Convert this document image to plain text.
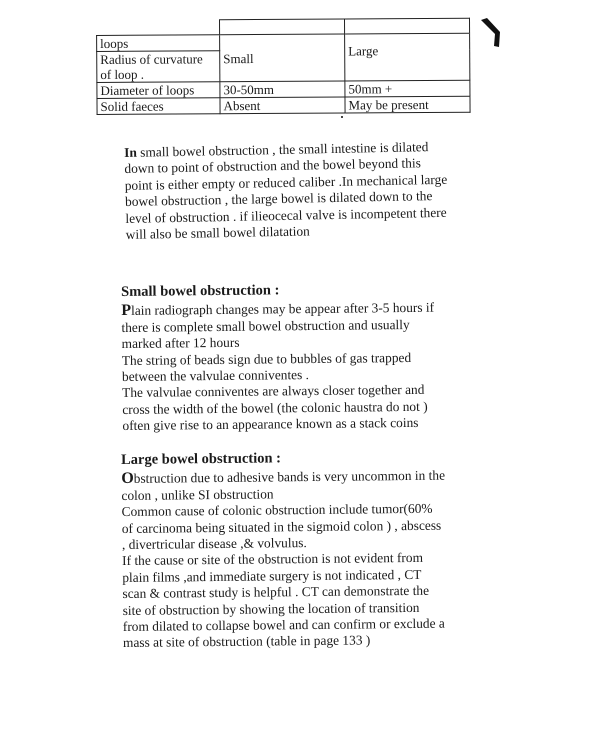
loops	Small	Large

Radius of curvature
of loop .		

Diameter of loops	30-50mm	50mm +
Solid faeces	Absent	May be present
In small bowel obstruction , the small intestine is dilated
down to point of obstruction and the bowel beyond this
point is either empty or reduced caliber .In mechanical large
bowel obstruction , the large bowel is dilated down to the
level of obstruction . if ilieocecal valve is incompetent there
will also be small bowel dilatation
Small bowel obstruction :
Plain radiograph changes may be appear after 3-5 hours if
there is complete small bowel obstruction and usually
marked after 12 hours
The string of beads sign due to bubbles of gas trapped
between the valvulae conniventes .
The valvulae conniventes are always closer together and
cross the width of the bowel (the colonic haustra do not )
often give rise to an appearance known as a stack coins
Large bowel obstruction :
Obstruction due to adhesive bands is very uncommon in the
colon , unlike SI obstruction
Common cause of colonic obstruction include tumor(60%
of carcinoma being situated in the sigmoid colon ) , abscess
, divertricular disease ,& volvulus.
If the cause or site of the obstruction is not evident from
plain films ,and immediate surgery is not indicated , CT
scan & contrast study is helpful . CT can demonstrate the
site of obstruction by showing the location of transition
from dilated to collapse bowel and can confirm or exclude a
mass at site of obstruction (table in page 133 )
